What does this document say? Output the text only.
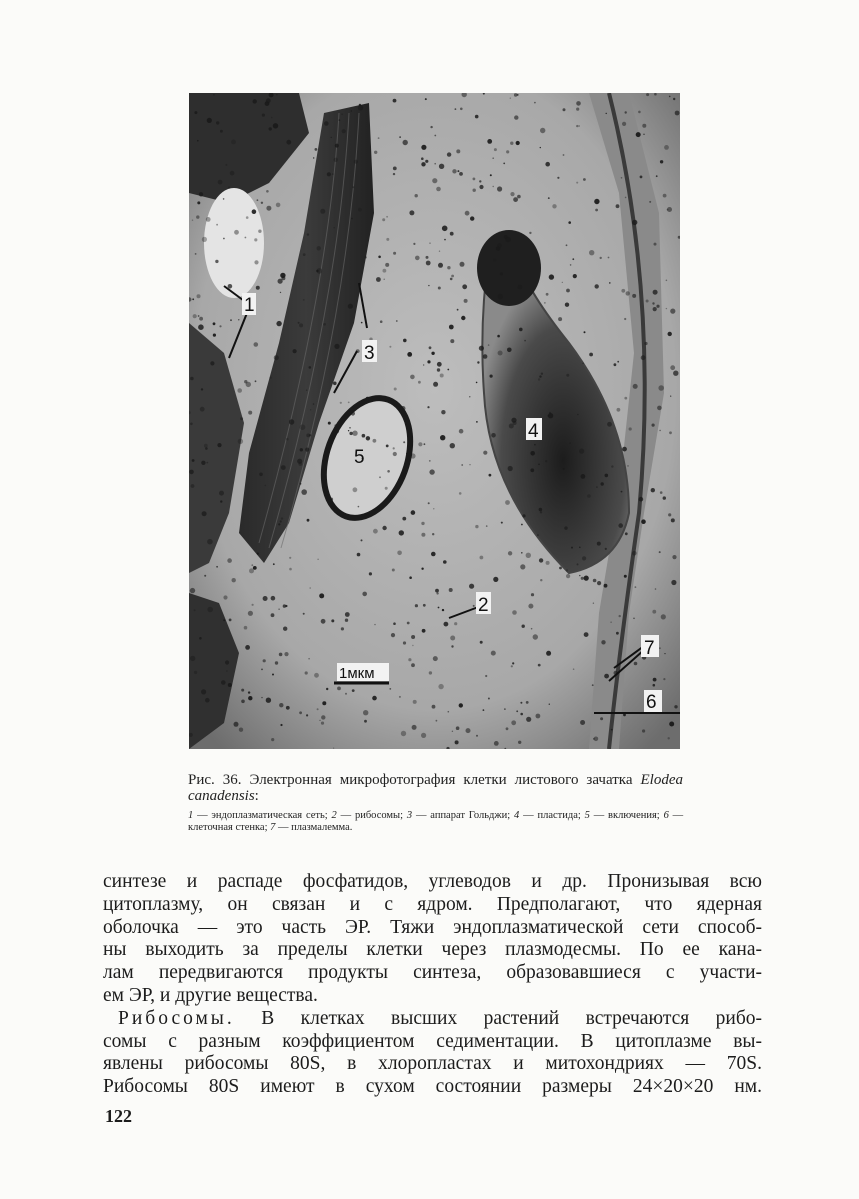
1
3
4
5
2
7
6
1мкм
Рис. 36. Электронная микрофотография клетки листового зачатка Elodea canadensis:
1 — эндоплазматическая сеть; 2 — рибосомы; 3 — аппарат Гольджи; 4 — пластида; 5 — включения; 6 — клеточная стенка; 7 — плазмалемма.

синтезе и распаде фосфатидов, углеводов и др. Пронизывая всю

цитоплазму, он связан и с ядром. Предполагают, что ядерная

оболочка — это часть ЭР. Тяжи эндоплазматической сети способ-

ны выходить за пределы клетки через плазмодесмы. По ее кана-

лам передвигаются продукты синтеза, образовавшиеся с участи-

ем ЭР, и другие вещества.

Рибосомы. В клетках высших растений встречаются рибо-

сомы с разным коэффициентом седиментации. В цитоплазме вы-

явлены рибосомы 80S, в хлоропластах и митохондриях — 70S.

Рибосомы 80S имеют в сухом состоянии размеры 24×20×20 нм.

122
